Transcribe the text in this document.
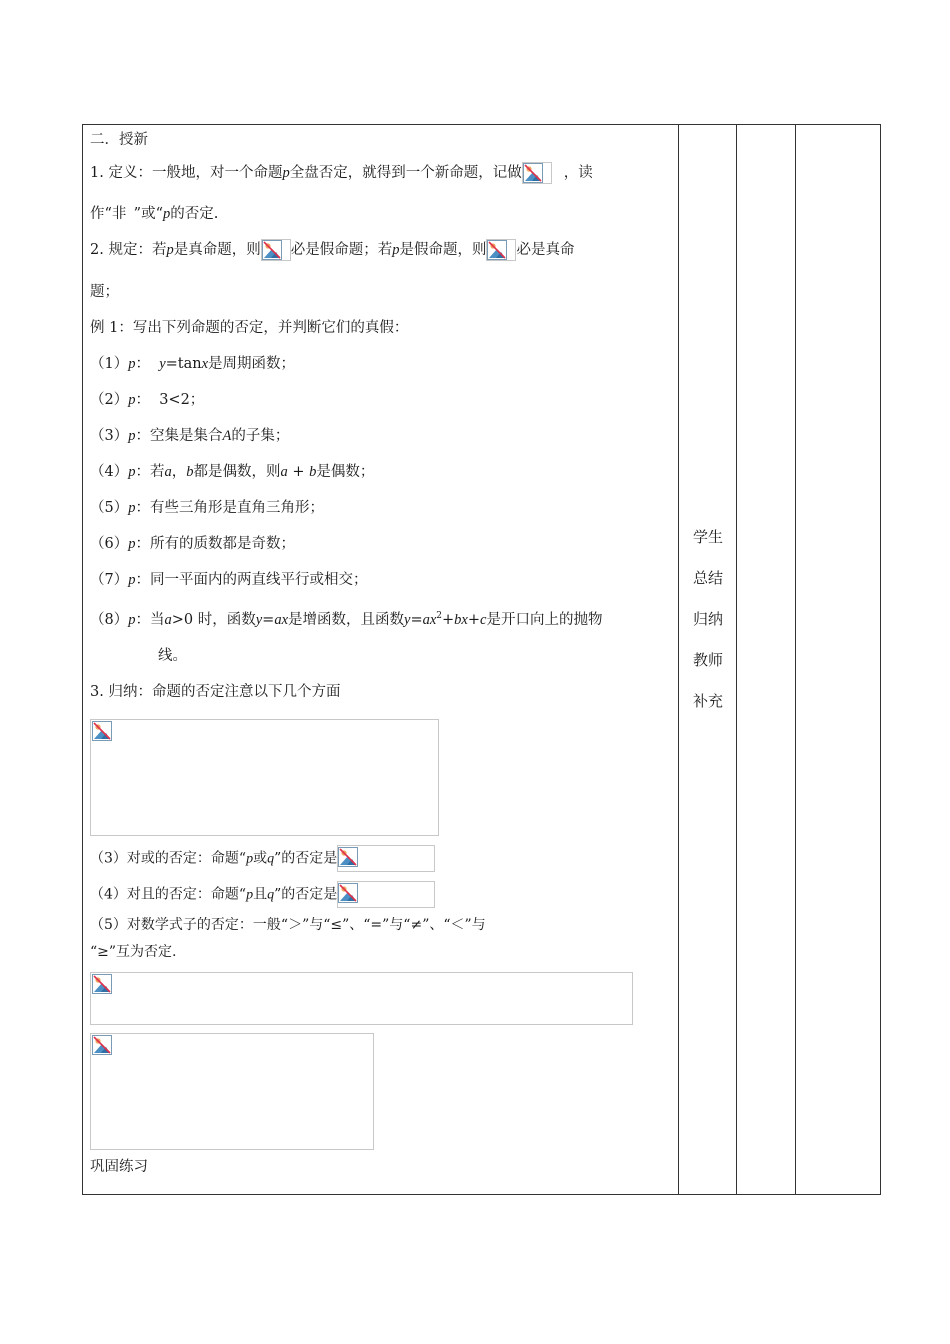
二．授新
1. 定义：一般地，对一个命题p全盘否定，就得到一个新命题，记做	，读
作“非 ”或“p的否定.
2. 规定：若p是真命题，则 必是假命题；若p是假命题，则 必是真命
题；
例 1：写出下列命题的否定，并判断它们的真假：
（1）p： y=tanx是周期函数；
（2）p： 3<2；
（3）p：空集是集合A的子集；
（4）p：若a，b都是偶数，则a + b是偶数；
（5）p：有些三角形是直角三角形；
（6）p：所有的质数都是奇数；
（7）p：同一平面内的两直线平行或相交；
（8）p：当a>0 时，函数y=ax是增函数，且函数$y=ax^2+bx+c$是开口向上的抛物
线。
3. 归纳：命题的否定注意以下几个方面
（3）对或的否定：命题“p或q”的否定是
（4）对且的否定：命题“p且q”的否定是
（5）对数学式子的否定：一般“＞”与“≤”、“=”与“≠”、“＜”与
“≥”互为否定.
巩固练习
学生
总结
归纳
教师
补充
